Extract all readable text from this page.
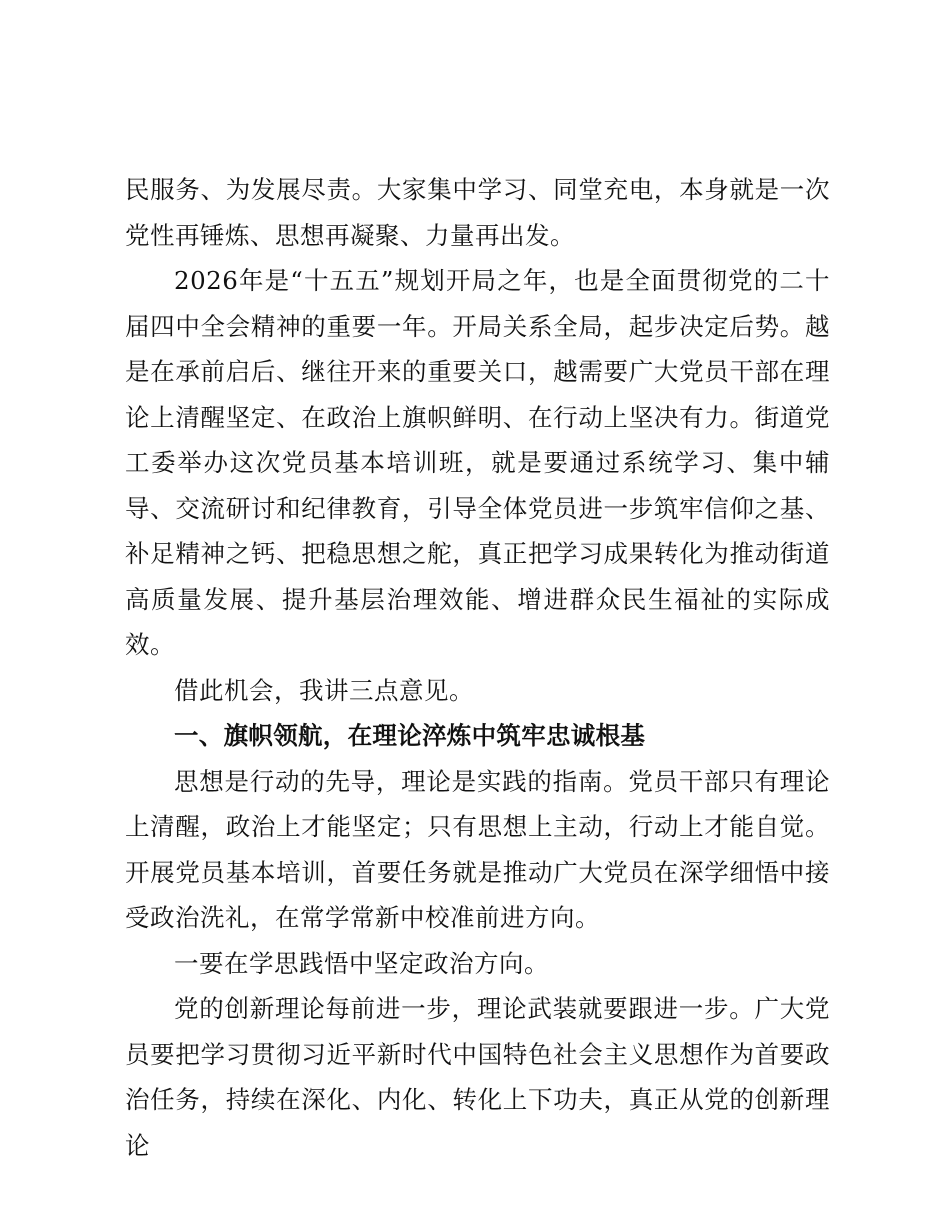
民服务、为发展尽责。大家集中学习、同堂充电，本身就是一次党性再锤炼、思想再凝聚、力量再出发。

2026年是“十五五”规划开局之年，也是全面贯彻党的二十届四中全会精神的重要一年。开局关系全局，起步决定后势。越是在承前启后、继往开来的重要关口，越需要广大党员干部在理论上清醒坚定、在政治上旗帜鲜明、在行动上坚决有力。街道党工委举办这次党员基本培训班，就是要通过系统学习、集中辅导、交流研讨和纪律教育，引导全体党员进一步筑牢信仰之基、补足精神之钙、把稳思想之舵，真正把学习成果转化为推动街道高质量发展、提升基层治理效能、增进群众民生福祉的实际成效。

借此机会，我讲三点意见。

一、旗帜领航，在理论淬炼中筑牢忠诚根基

思想是行动的先导，理论是实践的指南。党员干部只有理论上清醒，政治上才能坚定；只有思想上主动，行动上才能自觉。开展党员基本培训，首要任务就是推动广大党员在深学细悟中接受政治洗礼，在常学常新中校准前进方向。

一要在学思践悟中坚定政治方向。

党的创新理论每前进一步，理论武装就要跟进一步。广大党员要把学习贯彻习近平新时代中国特色社会主义思想作为首要政治任务，持续在深化、内化、转化上下功夫，真正从党的创新理论
